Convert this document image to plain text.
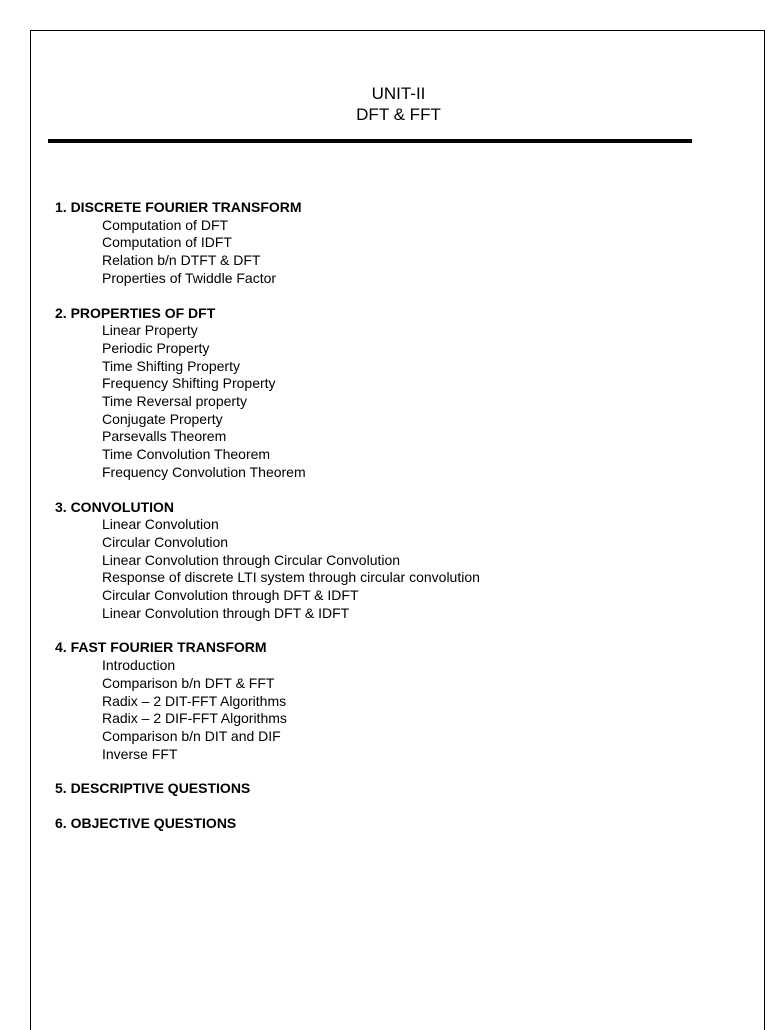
UNIT-II
DFT & FFT
1. DISCRETE FOURIER TRANSFORM
Computation of DFT
Computation of IDFT
Relation b/n DTFT & DFT
Properties of Twiddle Factor
2. PROPERTIES OF DFT
Linear Property
Periodic Property
Time Shifting Property
Frequency Shifting Property
Time Reversal property
Conjugate Property
Parsevalls Theorem
Time Convolution Theorem
Frequency Convolution Theorem
3. CONVOLUTION
Linear Convolution
Circular Convolution
Linear Convolution through Circular Convolution
Response of discrete LTI system through circular convolution
Circular Convolution through DFT & IDFT
Linear Convolution through DFT & IDFT
4. FAST FOURIER TRANSFORM
Introduction
Comparison b/n DFT & FFT
Radix – 2 DIT-FFT Algorithms
Radix – 2 DIF-FFT Algorithms
Comparison b/n DIT and DIF
Inverse FFT
5. DESCRIPTIVE QUESTIONS
6. OBJECTIVE QUESTIONS
